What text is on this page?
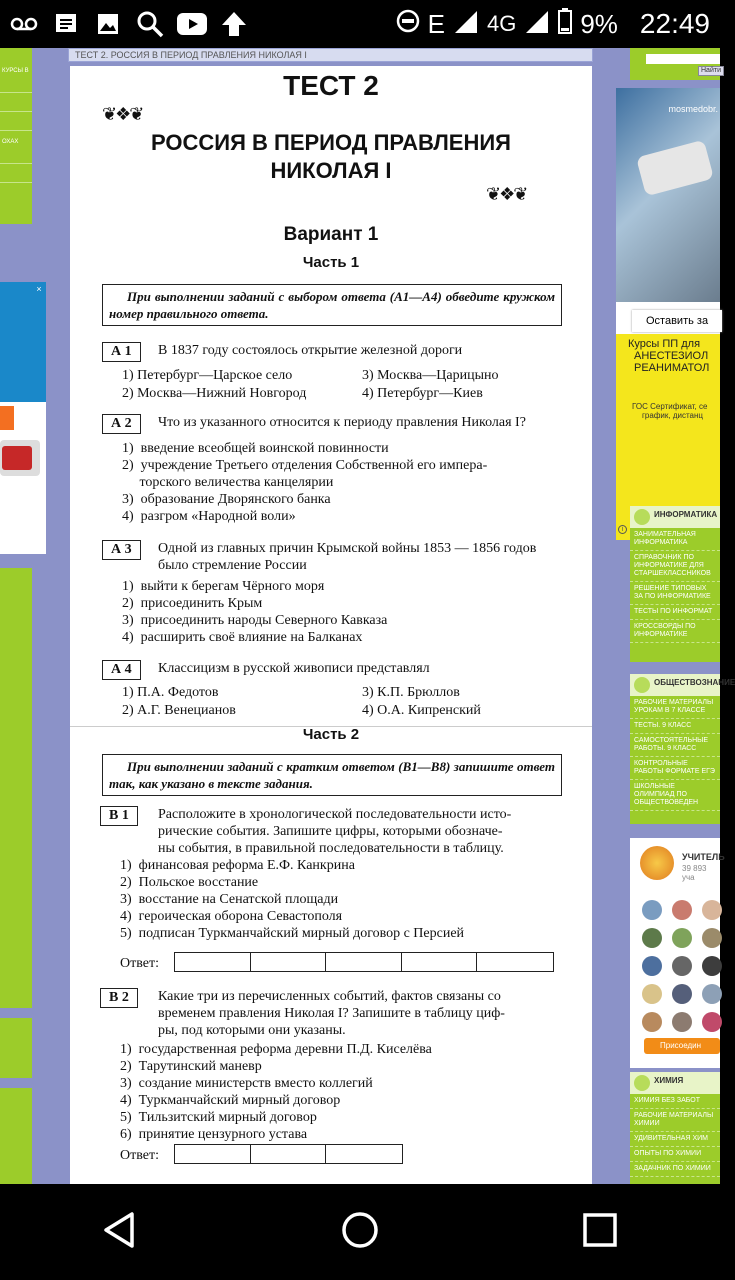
E 4G 9% 22:49
КУРСЫ В
ОХАХ
×
ТЕСТ 2. РОССИЯ В ПЕРИОД ПРАВЛЕНИЯ НИКОЛАЯ I
ТЕСТ 2
❦❖❦
РОССИЯ В ПЕРИОД ПРАВЛЕНИЯ
НИКОЛАЯ I
❦❖❦
Вариант 1
Часть 1
При выполнении заданий с выбором ответа (А1—А4) обведите кружком номер правильного ответа.
А 1	В 1837 году состоялось открытие железной дороги
1) Петербург—Царское село
2) Москва—Нижний Новгород
3) Москва—Царицыно
4) Петербург—Киев
А 2	Что из указанного относится к периоду правления Николая I?
1)  введение всеобщей воинской повинности
2)  учреждение Третьего отделения Собственной его импера-
торского величества канцелярии
3)  образование Дворянского банка
4)  разгром «Народной воли»
А 3	Одной из главных причин Крымской войны 1853 — 1856 годов
было стремление России
1)  выйти к берегам Чёрного моря
2)  присоединить Крым
3)  присоединить народы Северного Кавказа
4)  расширить своё влияние на Балканах
А 4	Классицизм в русской живописи представлял
1) П.А. Федотов
2) А.Г. Венецианов
3) К.П. Брюллов
4) О.А. Кипренский
Часть 2
При выполнении заданий с кратким ответом (В1—В8) запишите ответ так, как указано в тексте задания.
В 1	Расположите в хронологической последовательности исто-
рические события. Запишите цифры, которыми обозначе-
ны события, в правильной последовательности в таблицу.
1)  финансовая реформа Е.Ф. Канкрина
2)  Польское восстание
3)  восстание на Сенатской площади
4)  героическая оборона Севастополя
5)  подписан Туркманчайский мирный договор с Персией
Ответ:
В 2	Какие три из перечисленных событий, фактов связаны со
временем правления Николая I? Запишите в таблицу циф-
ры, под которыми они указаны.
1)  государственная реформа деревни П.Д. Киселёва
2)  Тарутинский маневр
3)  создание министерств вместо коллегий
4)  Туркманчайский мирный договор
5)  Тильзитский мирный договор
6)  принятие цензурного устава
Ответ:
Найти
mosmedobr.
Оставить за
Курсы ПП для
АНЕСТЕЗИОЛ
РЕАНИМАТОЛ
ГОС Сертификат, се
график, дистанц
i
ИНФОРМАТИКА
ЗАНИМАТЕЛЬНАЯ ИНФОРМАТИКА
СПРАВОЧНИК ПО ИНФОРМАТИКЕ ДЛЯ СТАРШЕКЛАССНИКОВ
РЕШЕНИЕ ТИПОВЫХ ЗА ПО ИНФОРМАТИКЕ
ТЕСТЫ ПО ИНФОРМАТ
КРОССВОРДЫ ПО ИНФОРМАТИКЕ
ОБЩЕСТВОЗНАНИЕ
РАБОЧИЕ МАТЕРИАЛЫ УРОКАМ В 7 КЛАССЕ
ТЕСТЫ. 9 КЛАСС
САМОСТОЯТЕЛЬНЫЕ РАБОТЫ. 9 КЛАСС
КОНТРОЛЬНЫЕ РАБОТЫ ФОРМАТЕ ЕГЭ
ШКОЛЬНЫЕ ОЛИМПИАД ПО ОБЩЕСТВОВЕДЕН
УЧИТЕЛЬ
39 893 уча
Присоедин
ХИМИЯ
ХИМИЯ БЕЗ ЗАБОТ
РАБОЧИЕ МАТЕРИАЛЫ ХИМИИ
УДИВИТЕЛЬНАЯ ХИМ
ОПЫТЫ ПО ХИМИИ
ЗАДАЧНИК ПО ХИМИИ
